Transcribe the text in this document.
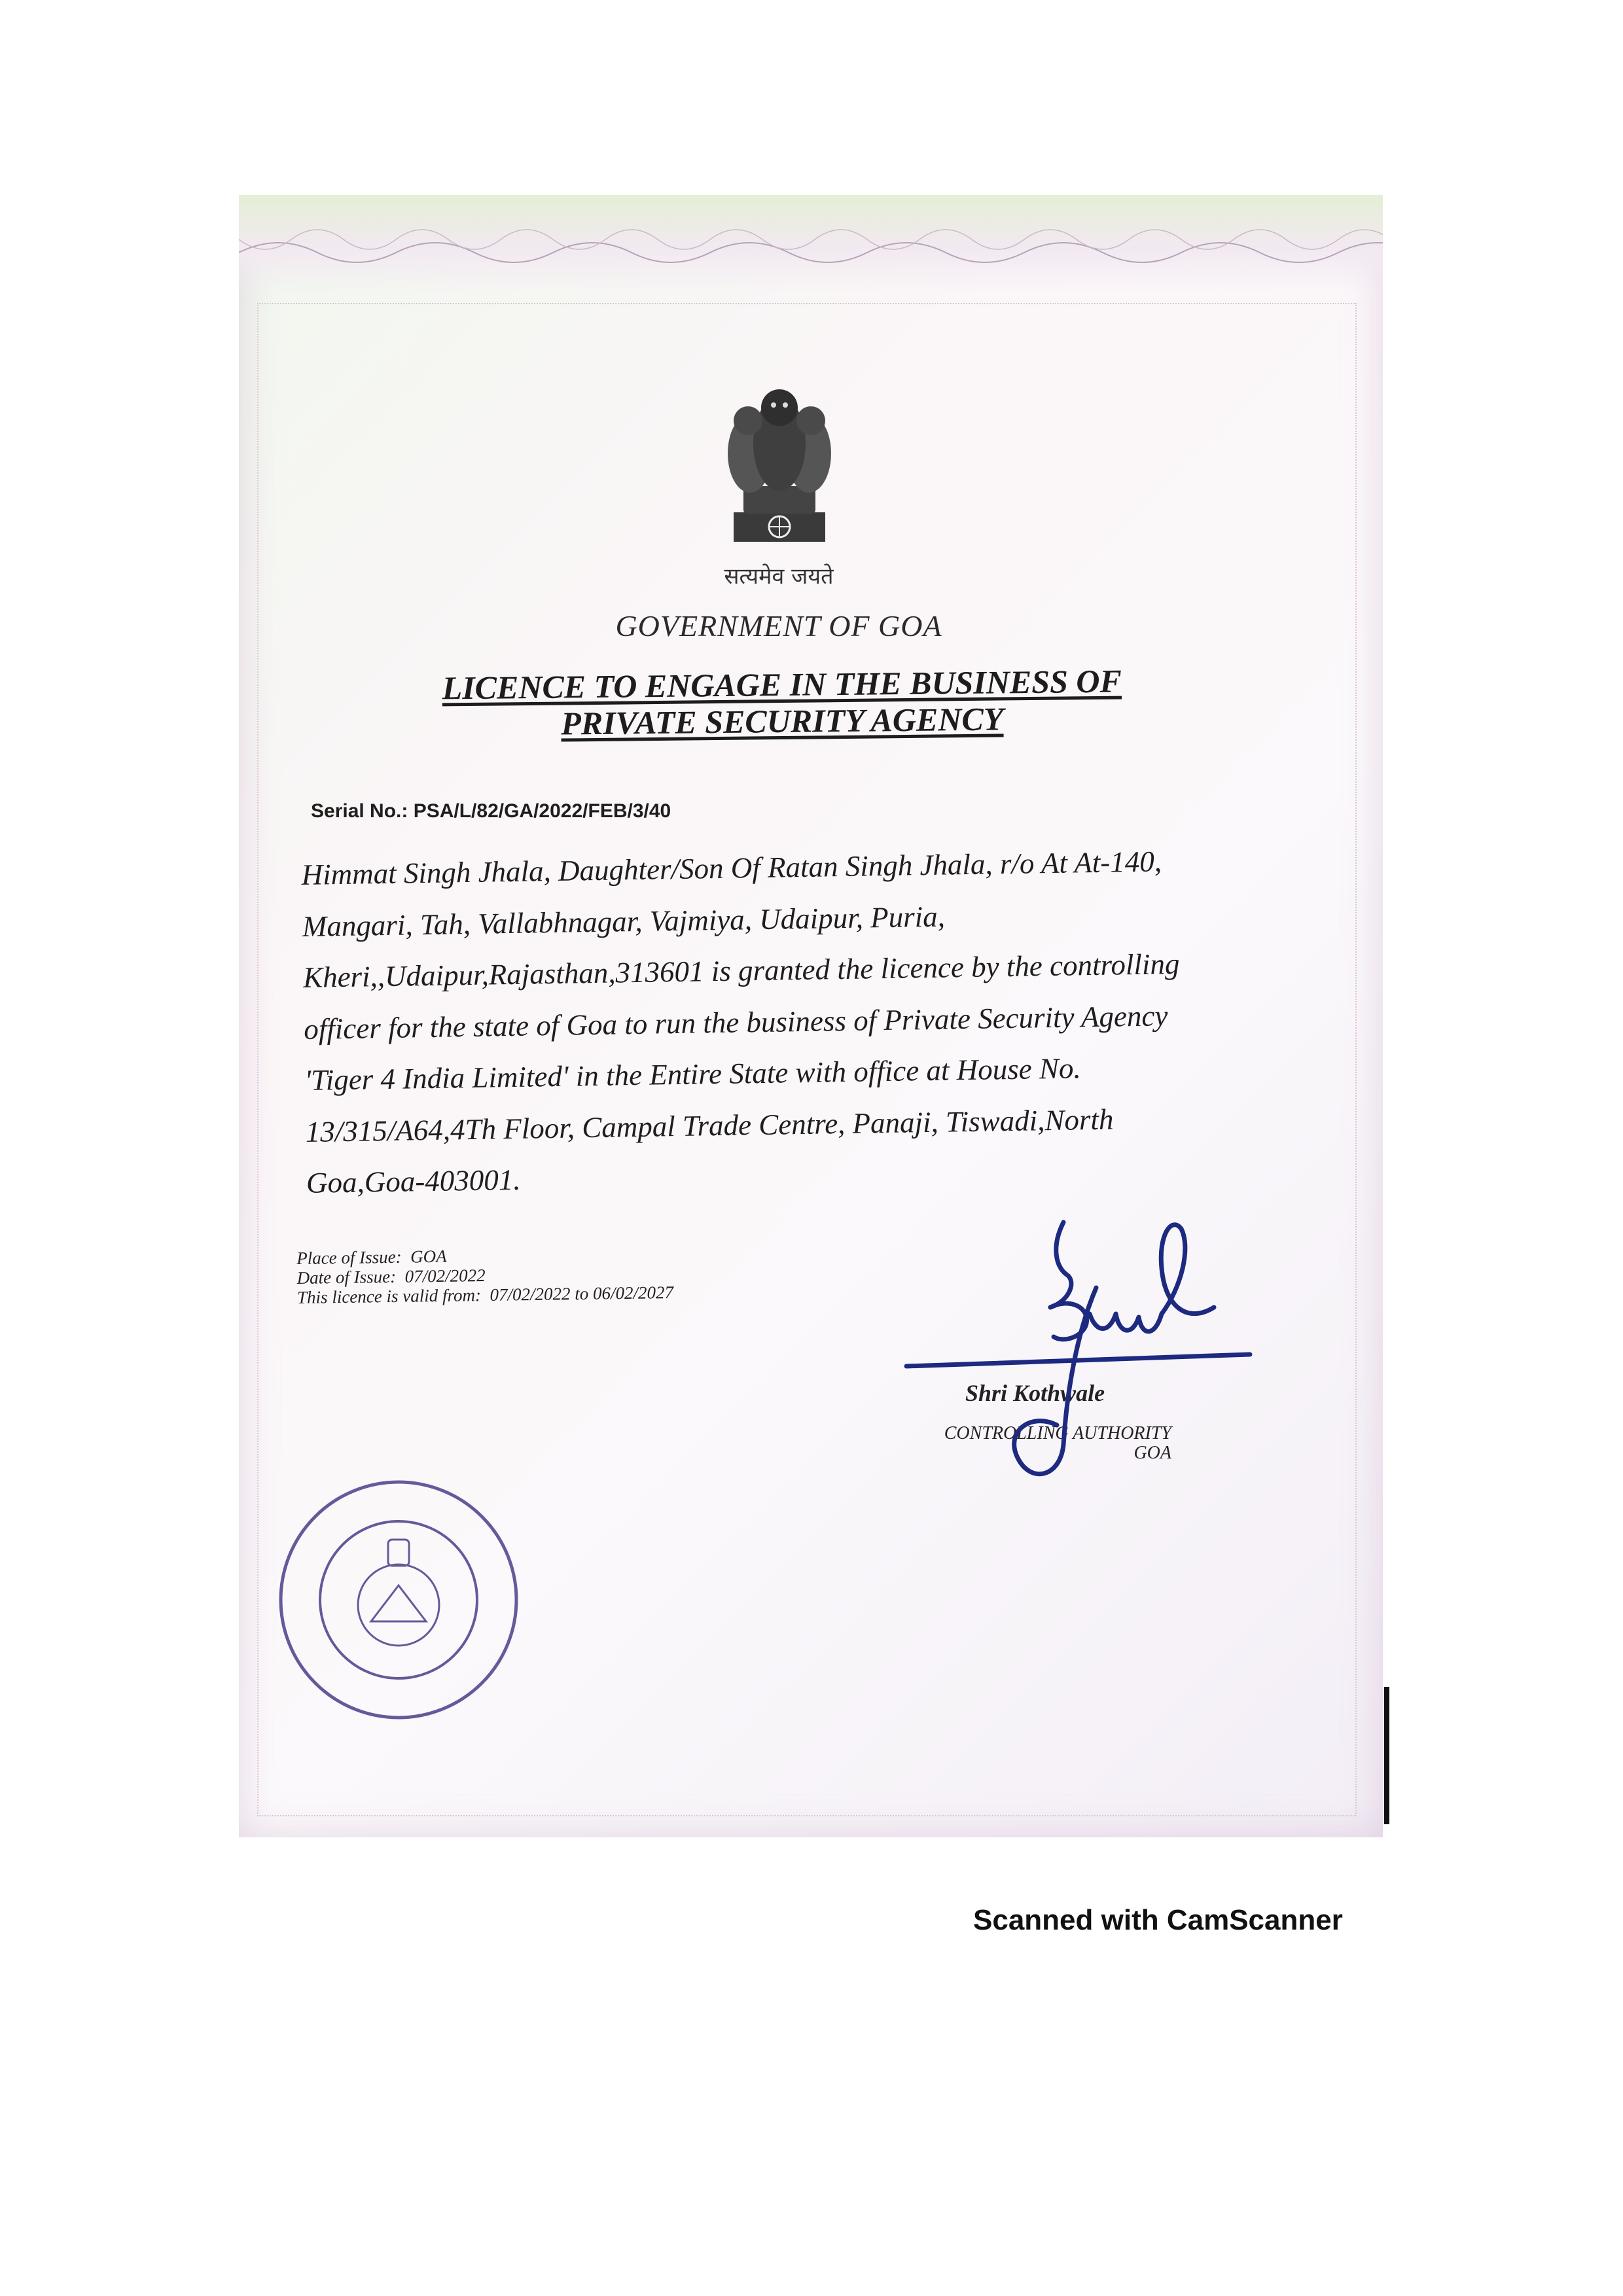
सत्यमेव जयते
GOVERNMENT OF GOA
LICENCE TO ENGAGE IN THE BUSINESS OF
PRIVATE SECURITY AGENCY
Serial No.: PSA/L/82/GA/2022/FEB/3/40
Himmat Singh Jhala, Daughter/Son Of Ratan Singh Jhala, r/o At At-140,
Mangari, Tah, Vallabhnagar, Vajmiya, Udaipur, Puria,
Kheri,,Udaipur,Rajasthan,313601 is granted the licence by the controlling
officer for the state of Goa to run the business of Private Security Agency
'Tiger 4 India Limited' in the Entire State with office at House No.
13/315/A64,4Th Floor, Campal Trade Centre, Panaji, Tiswadi,North
Goa,Goa-403001.
Place of Issue: GOA
Date of Issue: 07/02/2022
This licence is valid from: 07/02/2022 to 06/02/2027
Shri Kothwale
CONTROLLING AUTHORITY
GOA
Scanned with CamScanner
